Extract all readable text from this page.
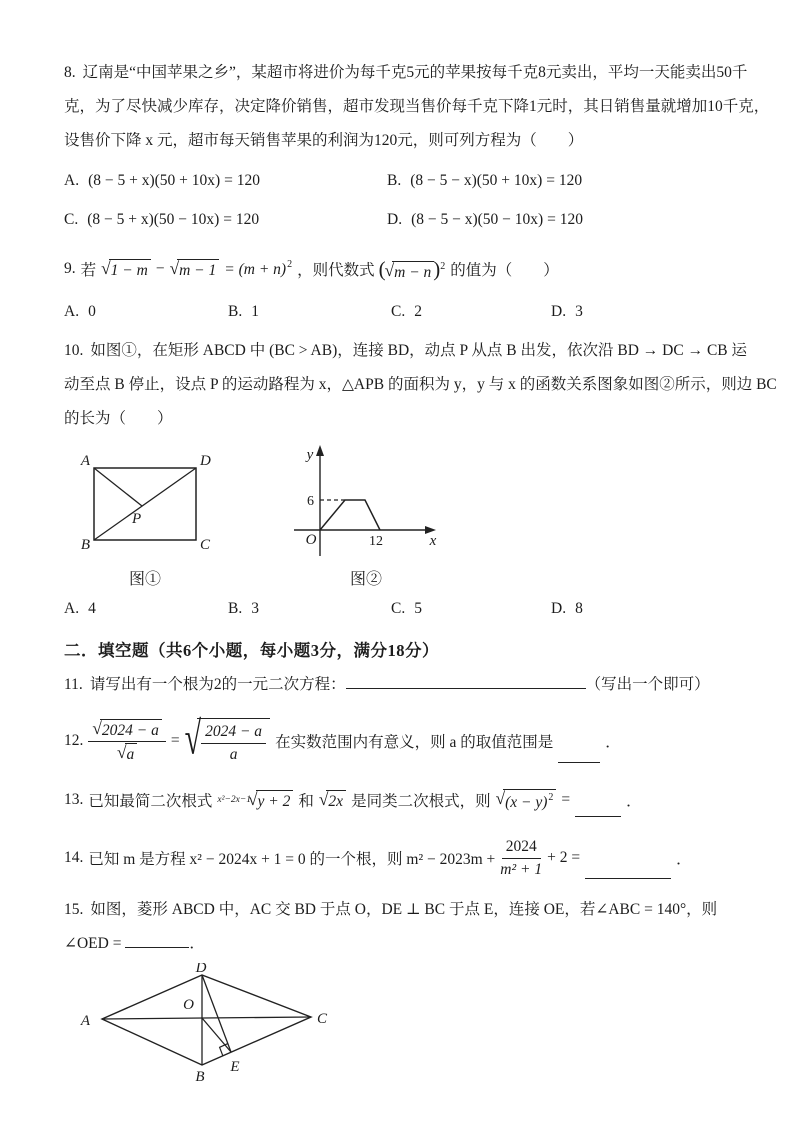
8. 辽南是“中国苹果之乡”，某超市将进价为每千克5元的苹果按每千克8元卖出，平均一天能卖出50千
克，为了尽快减少库存，决定降价销售，超市发现当售价每千克下降1元时，其日销售量就增加10千克，
设售价下降 x 元，超市每天销售苹果的利润为120元，则可列方程为（　　）
A. (8 − 5 + x)(50 + 10x) = 120	B. (8 − 5 − x)(50 + 10x) = 120
C. (8 − 5 + x)(50 − 10x) = 120	D. (8 − 5 − x)(50 − 10x) = 120
9. 若 √ 1 − m − √ $m - 1 = (m + n)^2$ ，则代数式 ( √ m − n )$^2$ 的值为（　　）
A. 0	B. 1	C. 2	D. 3
10. 如图①，在矩形 ABCD 中 (BC > AB)，连接 BD，动点 P 从点 B 出发，依次沿 BD → DC → CB 运
动至点 B 停止，设点 P 的运动路程为 x，△APB 的面积为 y，y 与 x 的函数关系图象如图②所示，则边 BC
的长为（　　）
A	D
B	C
P
图①
y
x
O
6
12
图②
A. 4	B. 3	C. 5	D. 8
二．填空题（共6个小题，每小题3分，满分18分）
11. 请写出有一个根为2的一元二次方程：	（写出一个即可）
12. $\frac{√ 2024 - a}{√ a}$ = √ $\frac{2024 - a}{a}$ 在实数范围内有意义，则 a 的取值范围是	．
13. 已知最简二次根式 x²−2x−1
√ y + 2 和 √ 2x 是同类二次根式，则 √ $(x - y)^2$ =	．
14. 已知 m 是方程 x² − 2024x + 1 = 0 的一个根，则 $m^2 - 2023m + \frac{2024}{\text{m² + 1}} + 2$ =	．
15. 如图，菱形 ABCD 中，AC 交 BD 于点 O，DE ⊥ BC 于点 E，连接 OE，若∠ABC = 140°，则
∠OED =	．
A
D
C
B
O
E
